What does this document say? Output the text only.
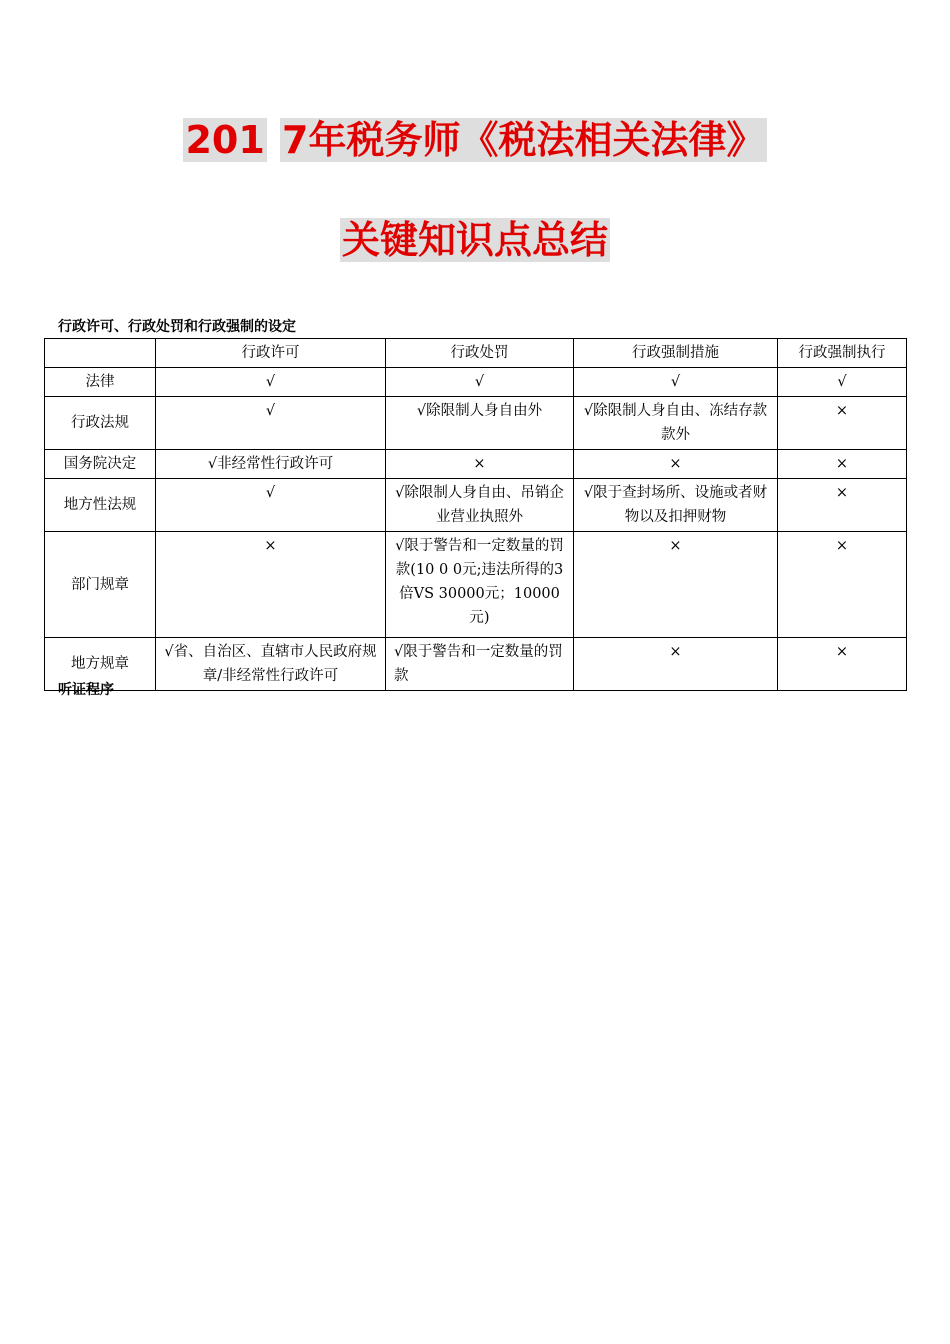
201 7年税务师《税法相关法律》
关键知识点总结
行政许可、行政处罚和行政强制的设定
	行政许可	行政处罚	行政强制措施	行政强制执行
法律	√	√	√	√
行政法规	√	√除限制人身自由外	√除限制人身自由、冻结存款款外	×
国务院决定	√非经常性行政许可	×	×	×
地方性法规	√	√除限制人身自由、吊销企业营业执照外	√限于查封场所、设施或者财物以及扣押财物	×
部门规章	×	√限于警告和一定数量的罚款(10 0 0元;违法所得的3倍VS 30000元；10000元)	×	×
地方规章	√省、自治区、直辖市人民政府规章/非经常性行政许可	√限于警告和一定数量的罚款	×	×
听证程序
